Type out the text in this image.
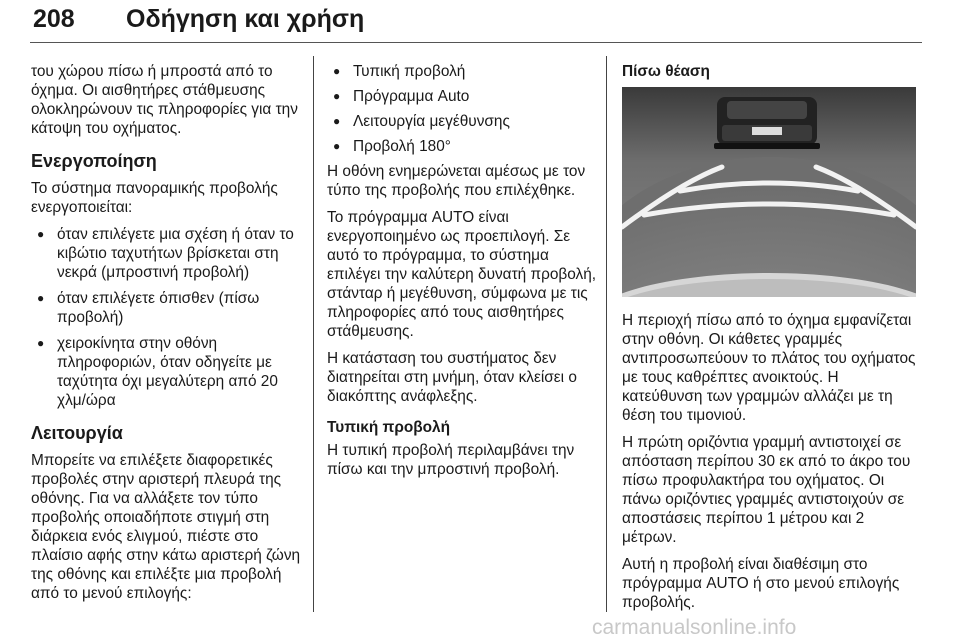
208 Οδήγηση και χρήση

του χώρου πίσω ή μπροστά από το όχημα. Οι αισθητήρες στάθμευσης ολοκληρώνουν τις πληροφορίες για την κάτοψη του οχήματος.

Ενεργοποίηση

Το σύστημα πανοραμικής προβολής ενεργοποιείται:

● όταν επιλέγετε μια σχέση ή όταν το κιβώτιο ταχυτήτων βρίσκεται στη νεκρά (μπροστινή προβολή)
● όταν επιλέγετε όπισθεν (πίσω προβολή)
● χειροκίνητα στην οθόνη πληροφοριών, όταν οδηγείτε με ταχύτητα όχι μεγαλύτερη από 20 χλμ/ώρα
Λειτουργία

Μπορείτε να επιλέξετε διαφορετικές προβολές στην αριστερή πλευρά της οθόνης. Για να αλλάξετε τον τύπο προβολής οποιαδήποτε στιγμή στη διάρκεια ενός ελιγμού, πιέστε στο πλαίσιο αφής στην κάτω αριστερή ζώνη της οθόνης και επιλέξτε μια προβολή από το μενού επιλογής:

● Τυπική προβολή
● Πρόγραμμα Auto
● Λειτουργία μεγέθυνσης
● Προβολή 180°

Η οθόνη ενημερώνεται αμέσως με τον τύπο της προβολής που επιλέχθηκε.

Το πρόγραμμα AUTO είναι ενεργοποιημένο ως προεπιλογή. Σε αυτό το πρόγραμμα, το σύστημα επιλέγει την καλύτερη δυνατή προβολή, στάνταρ ή μεγέθυνση, σύμφωνα με τις πληροφορίες από τους αισθητήρες στάθμευσης.

Η κατάσταση του συστήματος δεν διατηρείται στη μνήμη, όταν κλείσει ο διακόπτης ανάφλεξης.

Τυπική προβολή

Η τυπική προβολή περιλαμβάνει την πίσω και την μπροστινή προβολή.

Πίσω θέαση

Η περιοχή πίσω από το όχημα εμφανίζεται στην οθόνη. Οι κάθετες γραμμές αντιπροσωπεύουν το πλάτος του οχήματος με τους καθρέπτες ανοικτούς. Η κατεύθυνση των γραμμών αλλάζει με τη θέση του τιμονιού.

Η πρώτη οριζόντια γραμμή αντιστοιχεί σε απόσταση περίπου 30 εκ από το άκρο του πίσω προφυλακτήρα του οχήματος. Οι πάνω οριζόντιες γραμμές αντιστοιχούν σε αποστάσεις περίπου 1 μέτρου και 2 μέτρων.

Αυτή η προβολή είναι διαθέσιμη στο πρόγραμμα AUTO ή στο μενού επιλογής προβολής.

carmanualsonline.info
